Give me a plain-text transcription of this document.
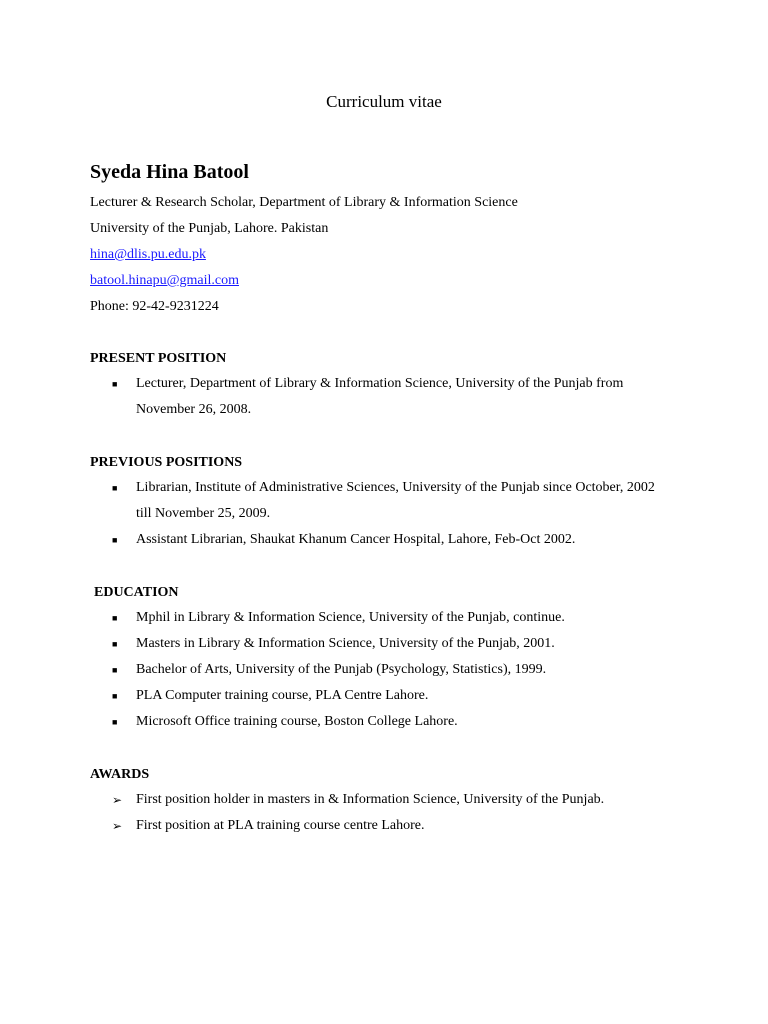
Curriculum vitae
Syeda Hina Batool
Lecturer & Research Scholar, Department of Library & Information Science
University of the Punjab, Lahore. Pakistan
hina@dlis.pu.edu.pk
batool.hinapu@gmail.com
Phone: 92-42-9231224
PRESENT POSITION
■	Lecturer, Department of Library & Information Science, University of the Punjab from November 26, 2008.
PREVIOUS POSITIONS
■	Librarian, Institute of Administrative Sciences, University of the Punjab since October, 2002 till November 25, 2009.
■	Assistant Librarian, Shaukat Khanum Cancer Hospital, Lahore, Feb-Oct 2002.
EDUCATION
■	Mphil in Library & Information Science, University of the Punjab, continue.
■	Masters in Library & Information Science, University of the Punjab, 2001.
■	Bachelor of Arts, University of the Punjab (Psychology, Statistics), 1999.
■	PLA Computer training course, PLA Centre Lahore.
■	Microsoft Office training course, Boston College Lahore.
AWARDS
➢ First position holder in masters in & Information Science, University of the Punjab.
➢ First position at PLA training course centre Lahore.
